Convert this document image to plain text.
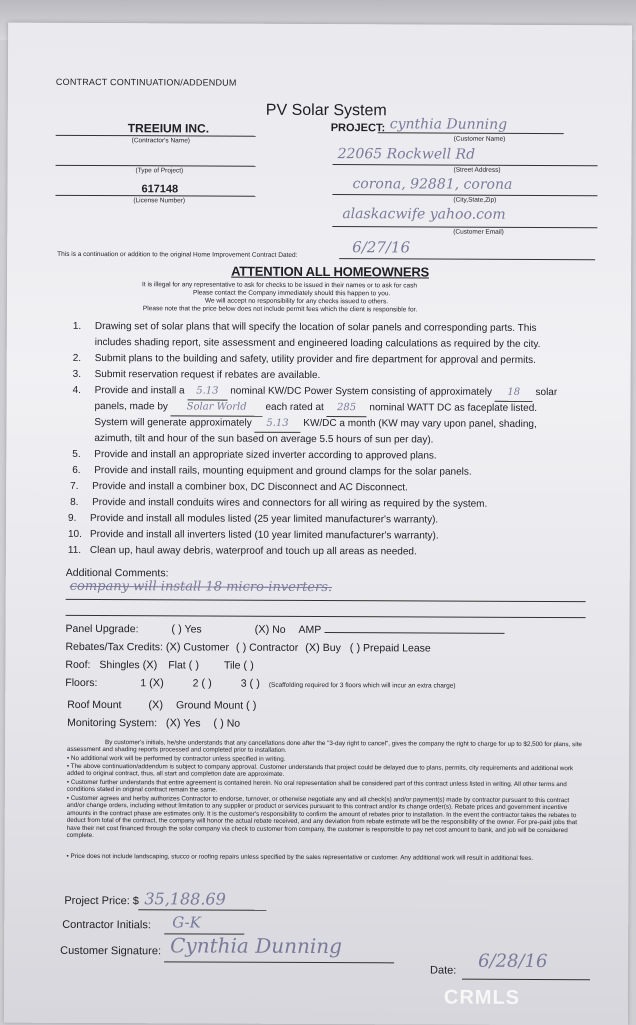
CONTRACT CONTINUATION/ADDENDUM
PV Solar System
TREEIUM INC.
(Contractor's Name)
(Type of Project)
617148
(License Number)
PROJECT: cynthia Dunning
(Customer Name)
22065 Rockwell Rd
(Street Address)
corona, 92881, corona
(City,State,Zip)
alaskacwife yahoo.com
(Customer Email)
This is a continuation or addition to the original Home Improvement Contract Dated:	6/27/16
ATTENTION ALL HOMEOWNERS
It is illegal for any representative to ask for checks to be issued in their names or to ask for cash
Please contact the Company immediately should this happen to you.
We will accept no responsibility for any checks issued to others.
Please note that the price below does not include permit fees which the client is responsible for.
1. Drawing set of solar plans that will specify the location of solar panels and corresponding parts. This
includes shading report, site assessment and engineered loading calculations as required by the city.
2. Submit plans to the building and safety, utility provider and fire department for approval and permits.
3. Submit reservation request if rebates are available.
4. Provide and install a 5.13 nominal KW/DC Power System consisting of approximately 18 solar
panels, made by Solar World each rated at 285 nominal WATT DC as faceplate listed.
System will generate approximately 5.13 KW/DC a month (KW may vary upon panel, shading,
azimuth, tilt and hour of the sun based on average 5.5 hours of sun per day).
5. Provide and install an appropriate sized inverter according to approved plans.
6. Provide and install rails, mounting equipment and ground clamps for the solar panels.
7. Provide and install a combiner box, DC Disconnect and AC Disconnect.
8. Provide and install conduits wires and connectors for all wiring as required by the system.
9. Provide and install all modules listed (25 year limited manufacturer's warranty).
10. Provide and install all inverters listed (10 year limited manufacturer's warranty).
11. Clean up, haul away debris, waterproof and touch up all areas as needed.
Additional Comments:
company will install 18 micro-inverters.
Panel Upgrade:	( ) Yes	(X) No AMP
Rebates/Tax Credits: (X) Customer ( ) Contractor (X) Buy ( ) Prepaid Lease
Roof: Shingles (X) Flat ( ) Tile ( )
Floors:	1 (X)	2 ( )	3 ( ) (Scaffolding required for 3 floors which will incur an extra charge)
Roof Mount (X) Ground Mount ( )
Monitoring System: (X) Yes ( ) No
By customer's initials, he/she understands that any cancellations done after the "3-day right to cancel", gives the company the right to charge for up to $2,500 for plans, site assessment and shading reports processed and completed prior to installation.
• No additional work will be performed by contractor unless specified in writing.
• The above continuation/addendum is subject to company approval. Customer understands that project could be delayed due to plans, permits, city requirements and additional work added to original contract, thus, all start and completion date are approximate.
• Customer further understands that entire agreement is contained herein. No oral representation shall be considered part of this contract unless listed in writing. All other terms and conditions stated in original contract remain the same.
• Customer agrees and herby authorizes Contractor to endorse, turnover, or otherwise negotiate any and all check(s) and/or payment(s) made by contractor pursuant to this contract and/or change orders, including without limitation to any supplier or product or services pursuant to this contract and/or its change order(s). Rebate prices and government incentive amounts in the contract phase are estimates only. It is the customer's responsibility to confirm the amount of rebates prior to installation. In the event the contractor takes the rebates to deduct from total of the contract, the company will honor the actual rebate received, and any deviation from rebate estimate will be the responsibility of the owner. For pre-paid jobs that have their net cost financed through the solar company via check to customer from company, the customer is responsible to pay net cost amount to bank, and job will be considered complete.
• Price does not include landscaping, stucco or roofing repairs unless specified by the sales representative or customer. Any additional work will result in additional fees.
Project Price: $ 35,188.69
Contractor Initials: G-K
Customer Signature: Cynthia Dunning
Date: 6/28/16
CRMLS
